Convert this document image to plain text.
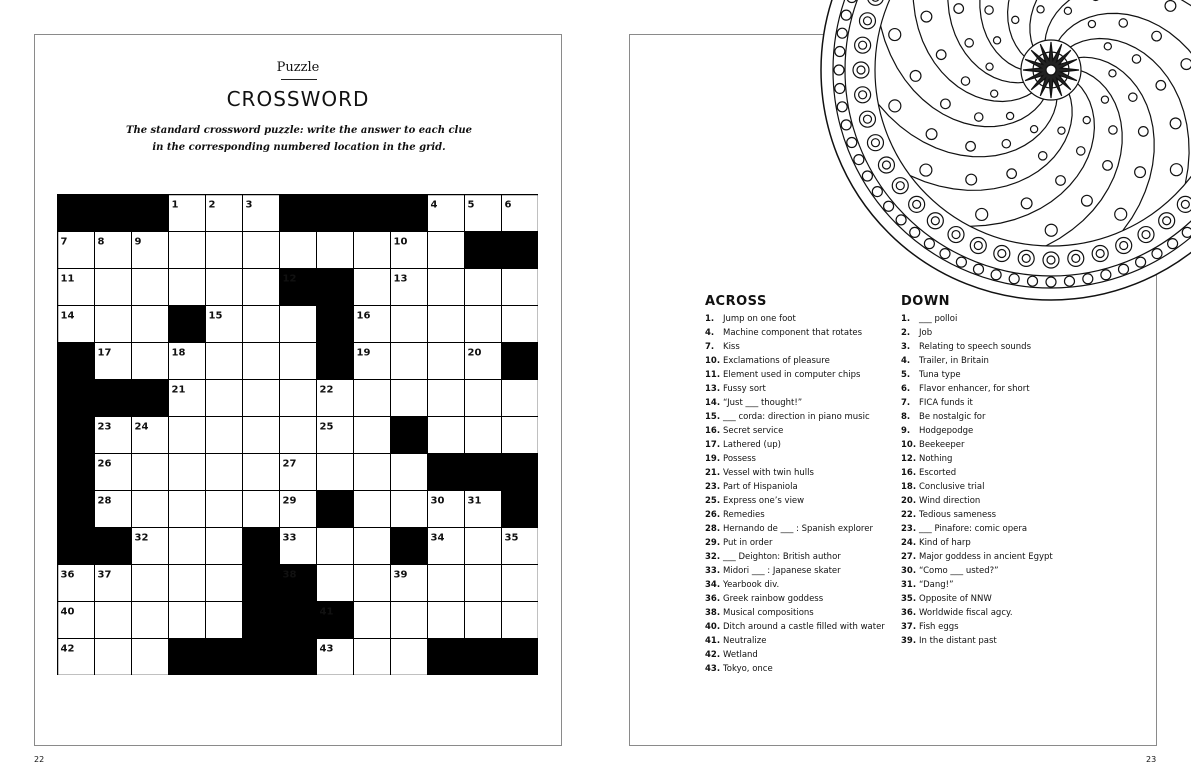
Puzzle
CROSSWORD
The standard crossword puzzle: write the answer to each clue in the corresponding numbered location in the grid.
1	2	3	4	5	6
7	8	9	10
11	12	13
14	15	16
17	18	19	20
21	22
23 24	25
26	27
28	29	30 31
32	33	34	35
36 37	38	39
40	41
42	43
ACROSS
1. Jump on one foot
4. Machine component that rotates
7. Kiss
10. Exclamations of pleasure
11. Element used in computer chips
13. Fussy sort
14. “Just ___ thought!”
15. ___ corda: direction in piano music
16. Secret service
17. Lathered (up)
19. Possess
21. Vessel with twin hulls
23. Part of Hispaniola
25. Express one’s view
26. Remedies
28. Hernando de ___ : Spanish explorer
29. Put in order
32. ___ Deighton: British author
33. Midori ___ : Japanese skater
34. Yearbook div.
36. Greek rainbow goddess
38. Musical compositions
40. Ditch around a castle filled with water
41. Neutralize
42. Wetland
43. Tokyo, once
DOWN
1. ___ polloi
2. Job
3. Relating to speech sounds
4. Trailer, in Britain
5. Tuna type
6. Flavor enhancer, for short
7. FICA funds it
8. Be nostalgic for
9. Hodgepodge
10. Beekeeper
12. Nothing
16. Escorted
18. Conclusive trial
20. Wind direction
22. Tedious sameness
23. ___ Pinafore: comic opera
24. Kind of harp
27. Major goddess in ancient Egypt
30. “Como ___ usted?”
31. “Dang!”
35. Opposite of NNW
36. Worldwide fiscal agcy.
37. Fish eggs
39. In the distant past
22	23
